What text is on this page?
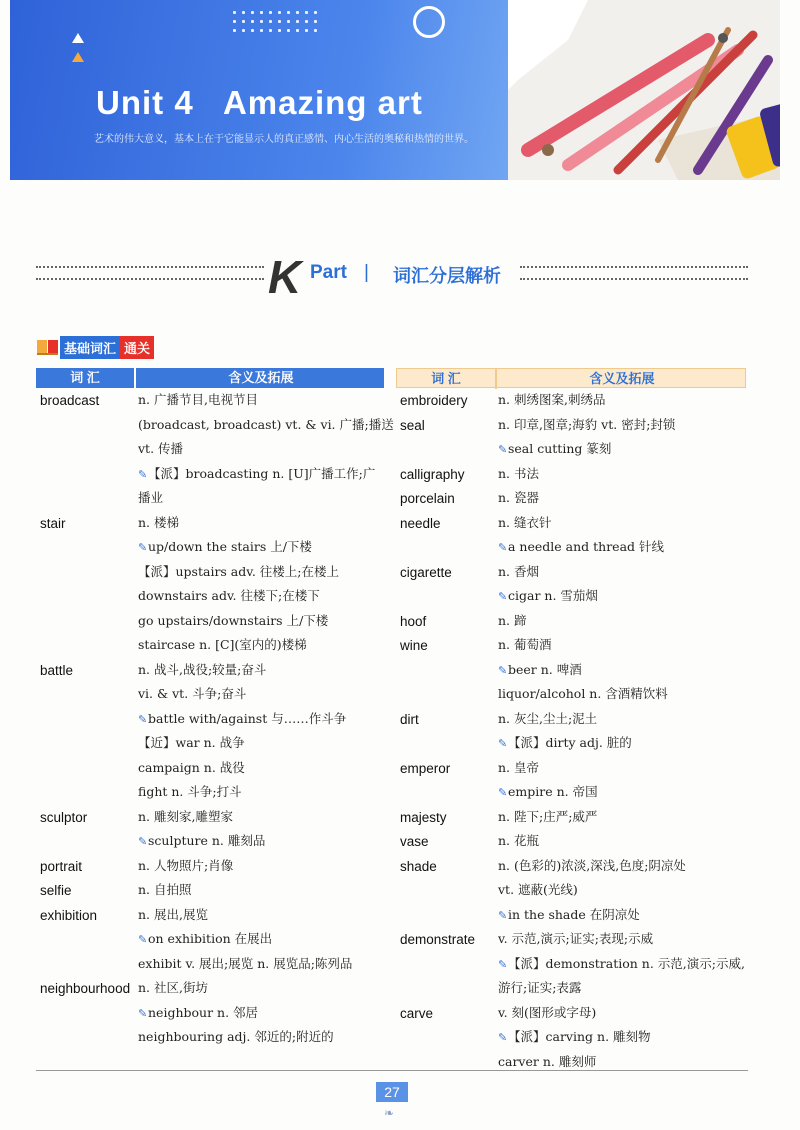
Unit 4   Amazing art
艺术的伟大意义，基本上在于它能显示人的真正感情、内心生活的奥秘和热情的世界。
K Part | 词汇分层解析
基础词汇 通关
词 汇	含义及拓展
broadcast	n. 广播节目,电视节目
(broadcast, broadcast) vt. & vi. 广播;播送
vt. 传播
✎【派】broadcasting n. [U]广播工作;广
播业
stair	n. 楼梯
✎up/down the stairs 上/下楼
【派】upstairs adv. 往楼上;在楼上
downstairs adv. 往楼下;在楼下
go upstairs/downstairs 上/下楼
staircase n. [C](室内的)楼梯
battle	n. 战斗,战役;较量;奋斗
vi. & vt. 斗争;奋斗
✎battle with/against 与……作斗争
【近】war n. 战争
campaign n. 战役
fight n. 斗争;打斗
sculptor	n. 雕刻家,雕塑家
✎sculpture n. 雕刻品
portrait	n. 人物照片;肖像
selfie	n. 自拍照
exhibition	n. 展出,展览
✎on exhibition 在展出
exhibit v. 展出;展览 n. 展览品;陈列品
neighbourhood n. 社区,街坊
✎neighbour n. 邻居
neighbouring adj. 邻近的;附近的
词 汇	含义及拓展
embroidery n. 刺绣图案,刺绣品
seal	n. 印章,图章;海豹 vt. 密封;封锁
✎seal cutting 篆刻
calligraphy	n. 书法
porcelain	n. 瓷器
needle	n. 缝衣针
✎a needle and thread 针线
cigarette	n. 香烟
✎cigar n. 雪茄烟
hoof	n. 蹄
wine	n. 葡萄酒
✎beer n. 啤酒
liquor/alcohol n. 含酒精饮料
dirt	n. 灰尘,尘土;泥土
✎【派】dirty adj. 脏的
emperor	n. 皇帝
✎empire n. 帝国
majesty	n. 陛下;庄严;威严
vase	n. 花瓶
shade	n. (色彩的)浓淡,深浅,色度;阴凉处
vt. 遮蔽(光线)
✎in the shade 在阴凉处
demonstrate v. 示范,演示;证实;表现;示威
✎【派】demonstration n. 示范,演示;示威,
游行;证实;表露
carve	v. 刻(图形或字母)
✎【派】carving n. 雕刻物
carver n. 雕刻师
27
❧
